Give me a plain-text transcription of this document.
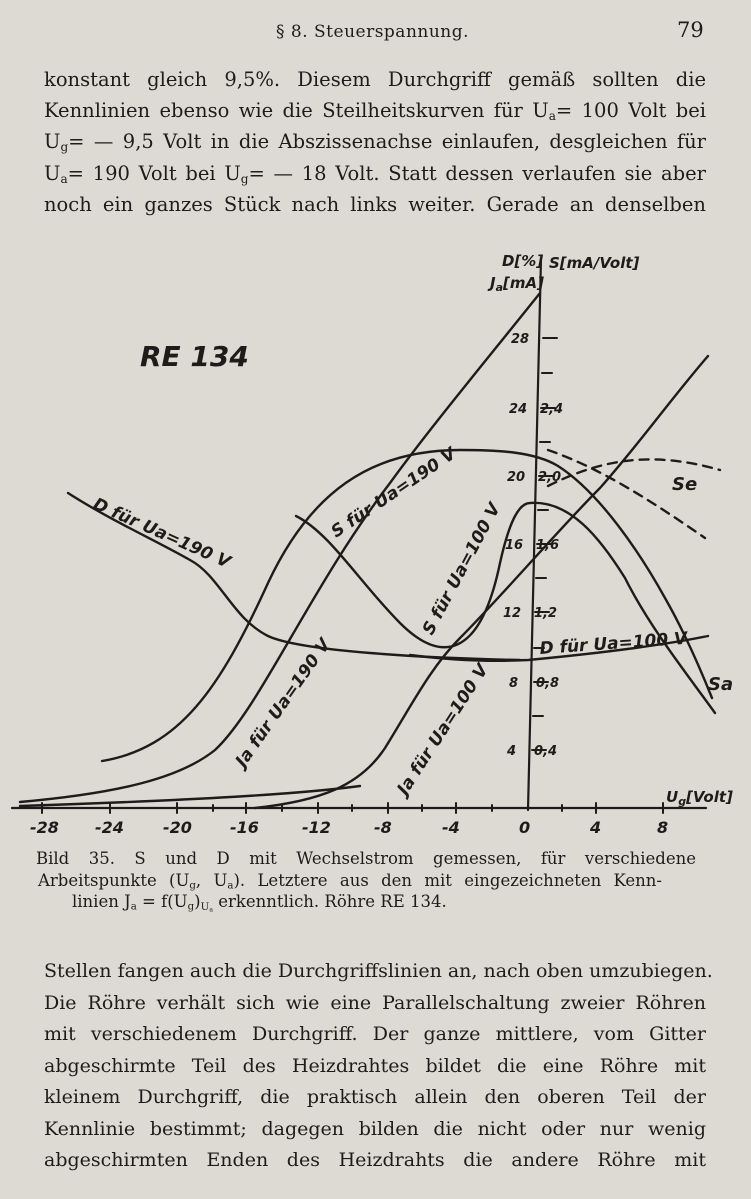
§ 8. Steuerspannung.	79
konstant gleich 9,5%. Diesem Durchgriff gemäß sollten die
Kennlinien ebenso wie die Steilheitskurven für $U_a= 100$ Volt bei
$U_g=$ — 9,5 Volt in die Abszissenachse einlaufen, desgleichen für
$U_a= 190$ Volt bei $U_g=$ — 18 Volt. Statt dessen verlaufen sie aber
noch ein ganzes Stück nach links weiter. Gerade an denselben
-28 -24 -20 -16	-12	-8	-4	0	4	8
28
24
20
16
12
8
4
2,4
2,0
1,6
1,2
0,8
0,4
D[%] S[mA/Volt]
$J_a[mA]$
$U_g[Volt]$
RE 134
D für Ua=190 V	S für Ua=190 V
S für Ua=100 V
D für Ua=100 V
Ja für Ua=190 V	Ja für Ua=100 V
Se
Sa
Bild 35. S und D mit Wechselstrom gemessen, für verschiedene
Arbeitspunkte ($U_g$, $U_a$). Letztere aus den mit eingezeichneten Kenn-
linien $J_a = f(U_g)_{U_a}$ erkenntlich. Röhre RE 134.
Stellen fangen auch die Durchgriffslinien an, nach oben umzubiegen.
Die Röhre verhält sich wie eine Parallelschaltung zweier Röhren
mit verschiedenem Durchgriff. Der ganze mittlere, vom Gitter
abgeschirmte Teil des Heizdrahtes bildet die eine Röhre mit
kleinem Durchgriff, die praktisch allein den oberen Teil der
Kennlinie bestimmt; dagegen bilden die nicht oder nur wenig
abgeschirmten Enden des Heizdrahts die andere Röhre mit
